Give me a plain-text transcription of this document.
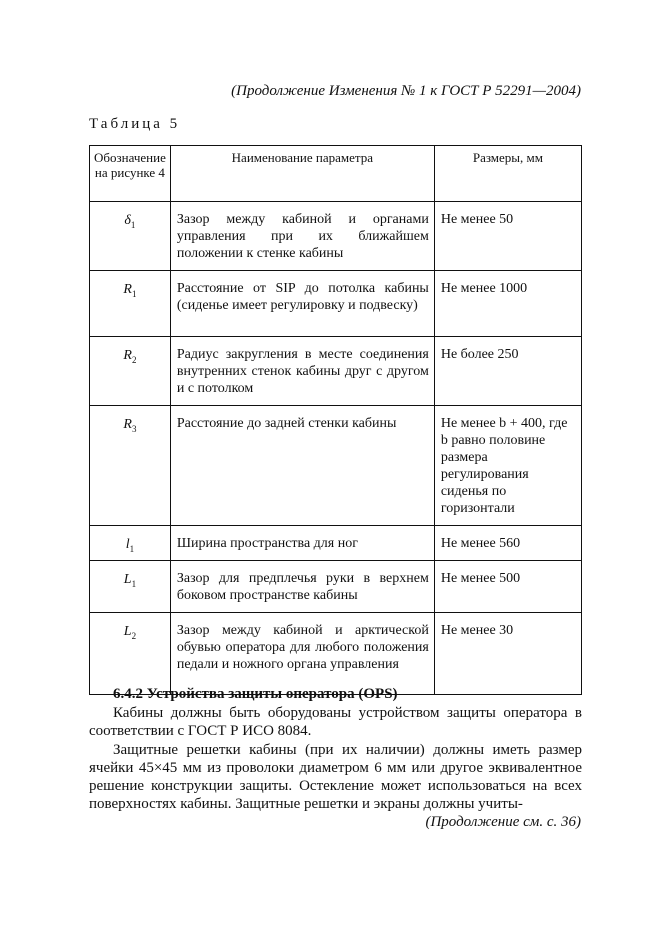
(Продолжение Изменения № 1 к ГОСТ Р 52291—2004)
Таблица 5
Обозначение на рисунке 4	Наименование параметра	Размеры, мм
$\delta_1$	Зазор между кабиной и органами управления при их ближайшем положении к стенке кабины	Не менее 50
$R_1$	Расстояние от SIP до потолка кабины (сиденье имеет регулировку и подвеску)	Не менее 1000
$R_2$	Радиус закругления в месте соединения внутренних стенок кабины друг с другом и с потолком	Не более 250
$R_3$	Расстояние до задней стенки кабины	Не менее b + 400, где b равно половине размера регулирования сиденья по горизонтали
$l_1$	Ширина пространства для ног	Не менее 560
$L_1$	Зазор для предплечья руки в верхнем боковом пространстве кабины	Не менее 500
$L_2$	Зазор между кабиной и арктической обувью оператора для любого положения педали и ножного органа управления	Не менее 30
6.4.2 Устройства защиты оператора (OPS)

Кабины должны быть оборудованы устройством защиты оператора в соответствии с ГОСТ Р ИСО 8084.

Защитные решетки кабины (при их наличии) должны иметь размер ячейки 45×45 мм из проволоки диаметром 6 мм или другое эквивалентное решение конструкции защиты. Остекление может использоваться на всех поверхностях кабины. Защитные решетки и экраны должны учиты-

(Продолжение см. с. 36)
